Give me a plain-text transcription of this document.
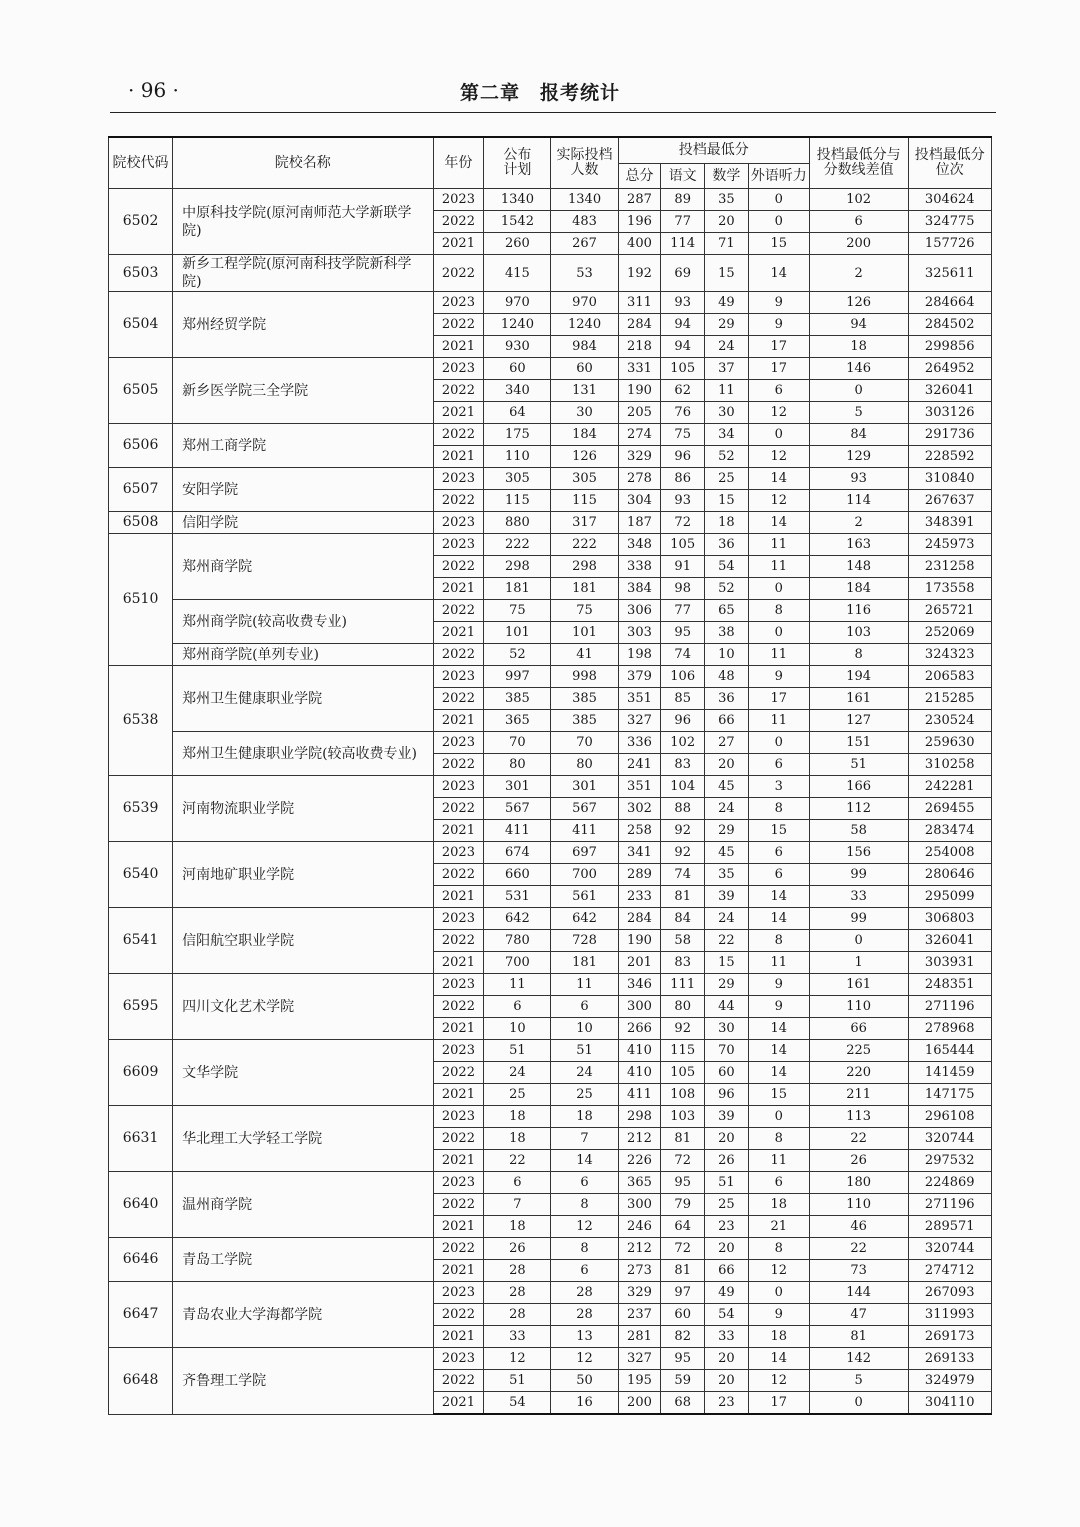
· 96 ·	第二章　报考统计
院校代码	院校名称	年份	公布计划	实际投档人数	投档最低分				投档最低分与分数线差值	投档最低分位次
					总分	语文	数学	外语听力		
6502	中原科技学院(原河南师范大学新联学院)	2023	1340	1340	287	89	35	0	102	304624
		2022	1542	483	196	77	20	0	6	324775
		2021	260	267	400	114	71	15	200	157726
6503	新乡工程学院(原河南科技学院新科学院)	2022	415	53	192	69	15	14	2	325611
6504	郑州经贸学院	2023	970	970	311	93	49	9	126	284664
		2022	1240	1240	284	94	29	9	94	284502
		2021	930	984	218	94	24	17	18	299856
6505	新乡医学院三全学院	2023	60	60	331	105	37	17	146	264952
		2022	340	131	190	62	11	6	0	326041
		2021	64	30	205	76	30	12	5	303126
6506	郑州工商学院	2022	175	184	274	75	34	0	84	291736
		2021	110	126	329	96	52	12	129	228592
6507	安阳学院	2023	305	305	278	86	25	14	93	310840
		2022	115	115	304	93	15	12	114	267637
6508	信阳学院	2023	880	317	187	72	18	14	2	348391
6510	郑州商学院	2023	222	222	348	105	36	11	163	245973
		2022	298	298	338	91	54	11	148	231258
		2021	181	181	384	98	52	0	184	173558
	郑州商学院(较高收费专业)	2022	75	75	306	77	65	8	116	265721
		2021	101	101	303	95	38	0	103	252069
	郑州商学院(单列专业)	2022	52	41	198	74	10	11	8	324323
6538	郑州卫生健康职业学院	2023	997	998	379	106	48	9	194	206583
		2022	385	385	351	85	36	17	161	215285
		2021	365	385	327	96	66	11	127	230524
	郑州卫生健康职业学院(较高收费专业)	2023	70	70	336	102	27	0	151	259630
		2022	80	80	241	83	20	6	51	310258
6539	河南物流职业学院	2023	301	301	351	104	45	3	166	242281
		2022	567	567	302	88	24	8	112	269455
		2021	411	411	258	92	29	15	58	283474
6540	河南地矿职业学院	2023	674	697	341	92	45	6	156	254008
		2022	660	700	289	74	35	6	99	280646
		2021	531	561	233	81	39	14	33	295099
6541	信阳航空职业学院	2023	642	642	284	84	24	14	99	306803
		2022	780	728	190	58	22	8	0	326041
		2021	700	181	201	83	15	11	1	303931
6595	四川文化艺术学院	2023	11	11	346	111	29	9	161	248351
		2022	6	6	300	80	44	9	110	271196
		2021	10	10	266	92	30	14	66	278968
6609	文华学院	2023	51	51	410	115	70	14	225	165444
		2022	24	24	410	105	60	14	220	141459
		2021	25	25	411	108	96	15	211	147175
6631	华北理工大学轻工学院	2023	18	18	298	103	39	0	113	296108
		2022	18	7	212	81	20	8	22	320744
		2021	22	14	226	72	26	11	26	297532
6640	温州商学院	2023	6	6	365	95	51	6	180	224869
		2022	7	8	300	79	25	18	110	271196
		2021	18	12	246	64	23	21	46	289571
6646	青岛工学院	2022	26	8	212	72	20	8	22	320744
		2021	28	6	273	81	66	12	73	274712
6647	青岛农业大学海都学院	2023	28	28	329	97	49	0	144	267093
		2022	28	28	237	60	54	9	47	311993
		2021	33	13	281	82	33	18	81	269173
6648	齐鲁理工学院	2023	12	12	327	95	20	14	142	269133
		2022	51	50	195	59	20	12	5	324979
		2021	54	16	200	68	23	17	0	304110
